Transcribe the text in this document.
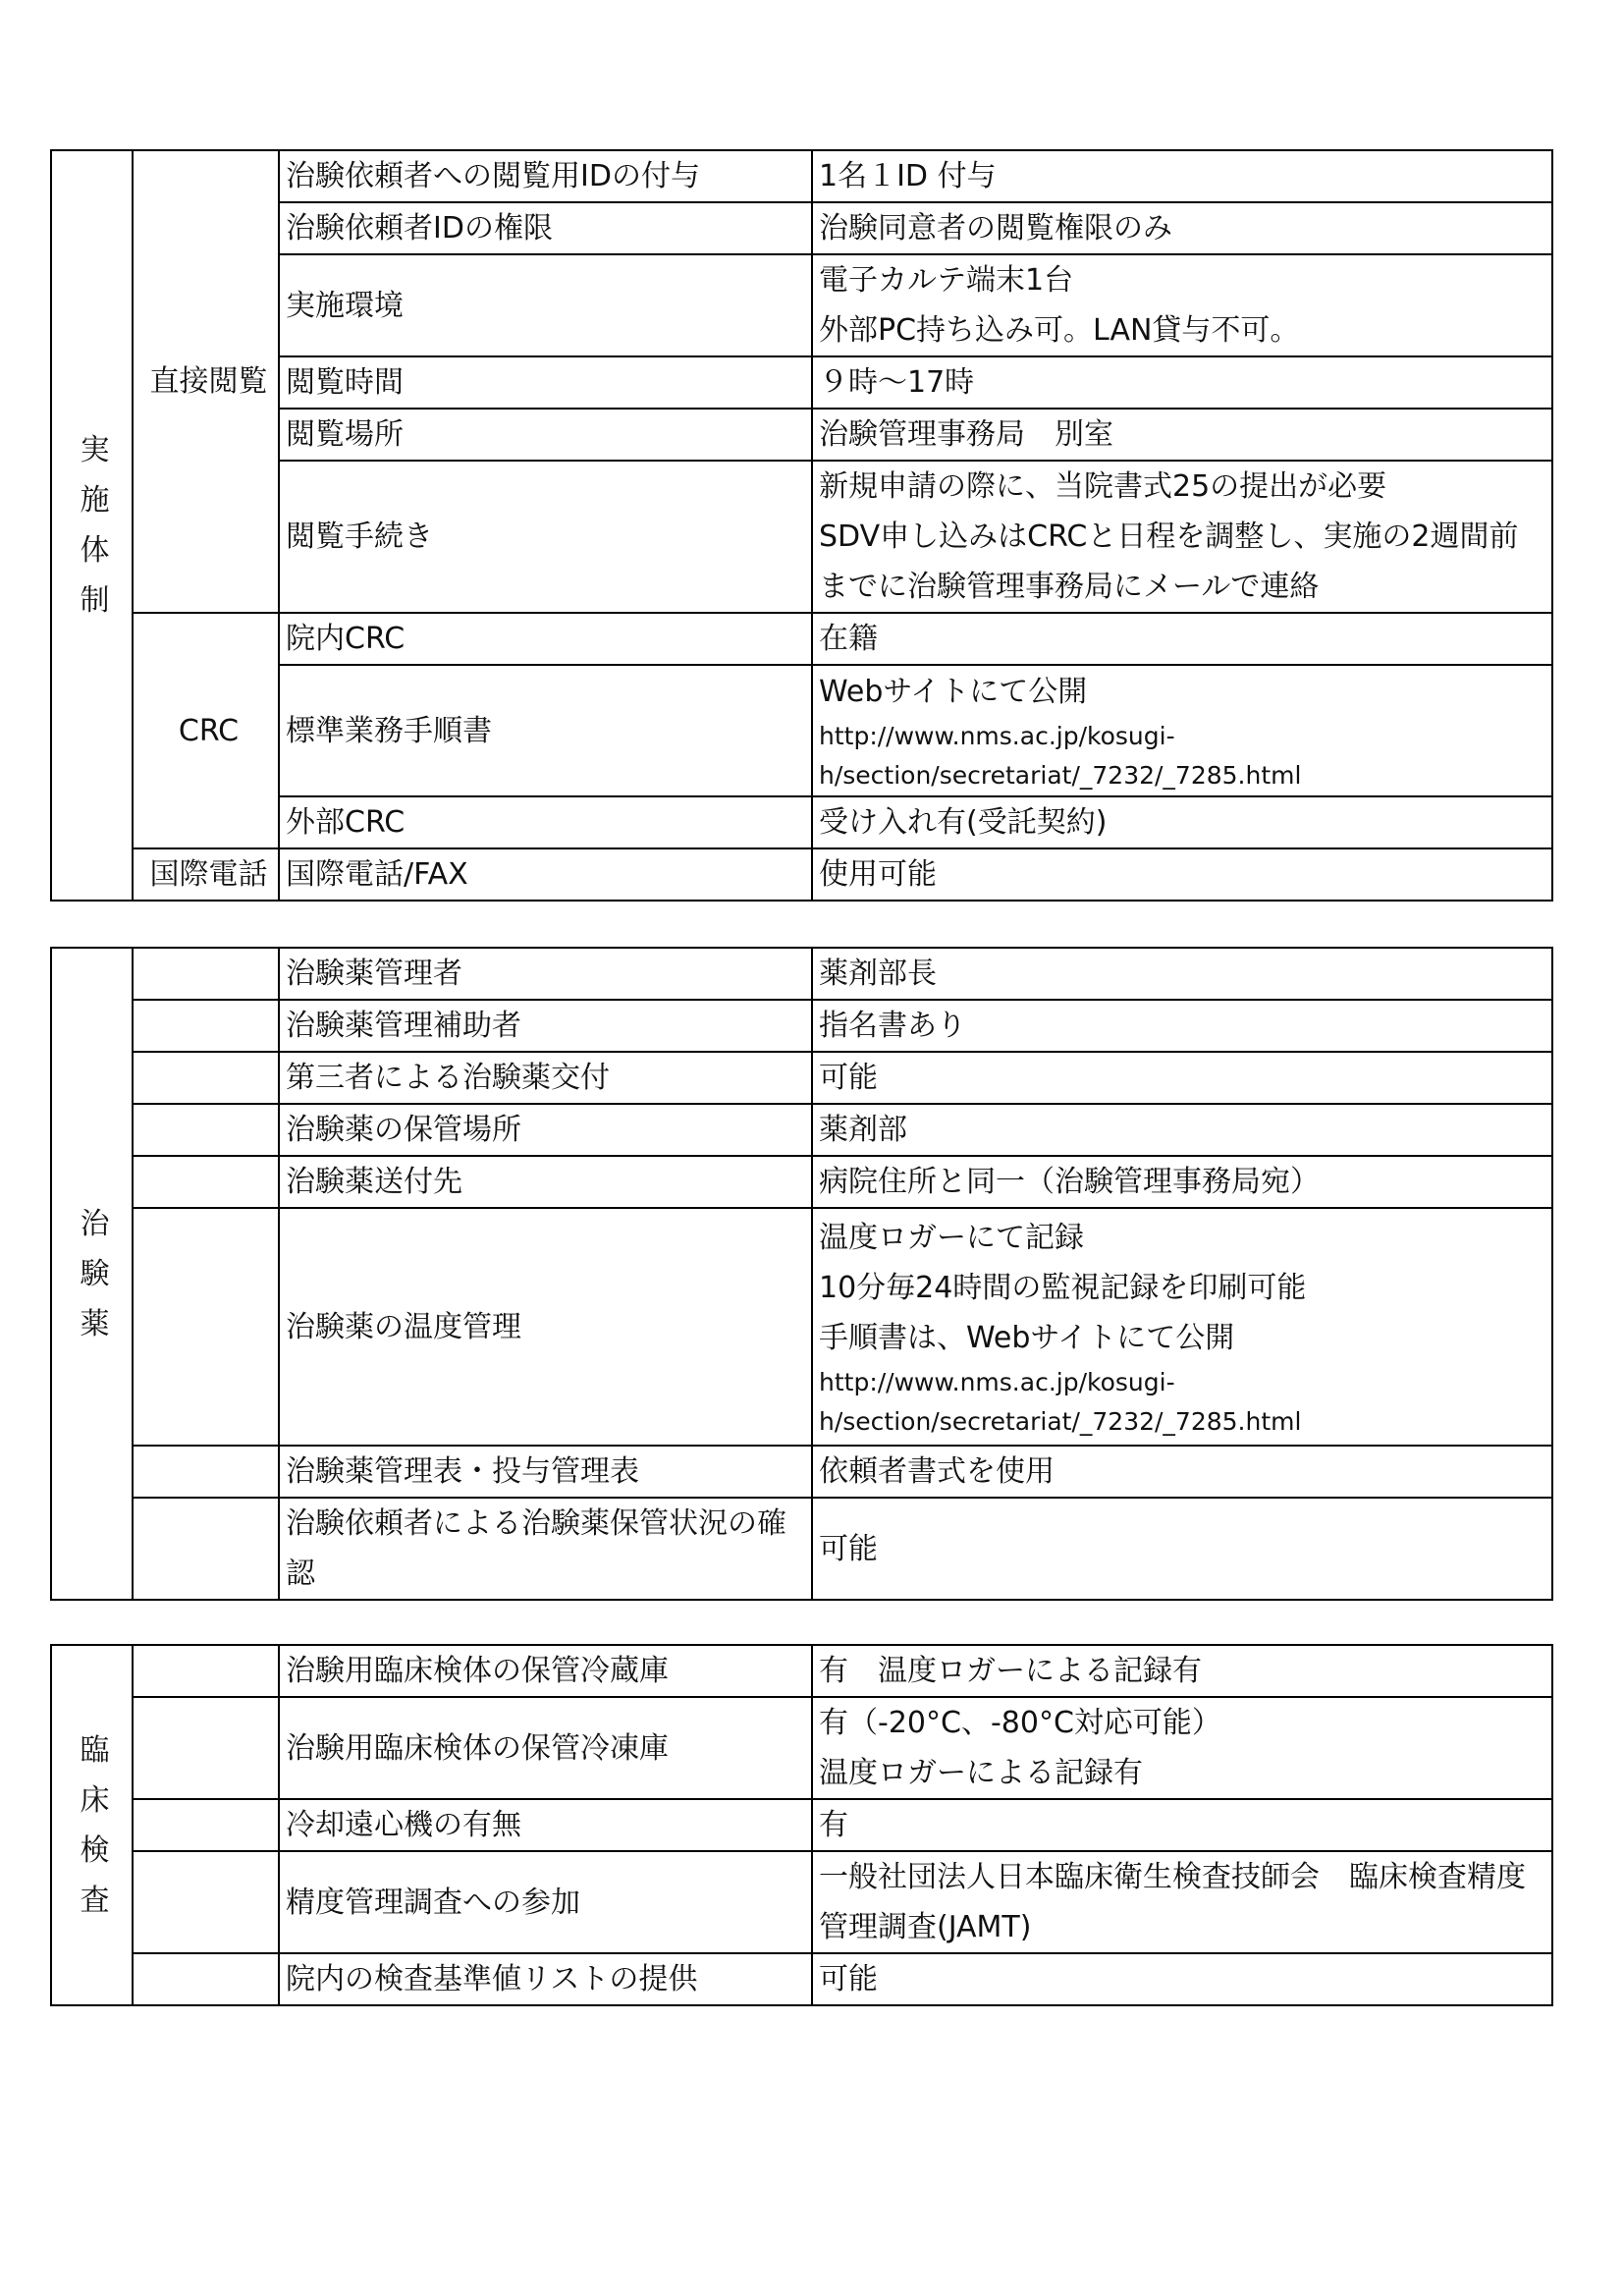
実
施
体
制	直接閲覧	治験依頼者への閲覧用IDの付与	1名１ID 付与
		治験依頼者IDの権限	治験同意者の閲覧権限のみ
		実施環境	電子カルテ端末1台
外部PC持ち込み可。LAN貸与不可。

		閲覧時間	９時～17時
		閲覧場所	治験管理事務局　別室
		閲覧手続き	新規申請の際に、当院書式25の提出が必要
SDV申し込みはCRCと日程を調整し、実施の2週間前
までに治験管理事務局にメールで連絡

	CRC	院内CRC	在籍
		標準業務手順書	Webサイトにて公開
http://www.nms.ac.jp/kosugi-
h/section/secretariat/_7232/_7285.html

		外部CRC	受け入れ有(受託契約)
	国際電話	国際電話/FAX	使用可能
治
験
薬		治験薬管理者	薬剤部長
		治験薬管理補助者	指名書あり
		第三者による治験薬交付	可能
		治験薬の保管場所	薬剤部
		治験薬送付先	病院住所と同一（治験管理事務局宛）
		治験薬の温度管理	温度ロガーにて記録
10分毎24時間の監視記録を印刷可能
手順書は、Webサイトにて公開
http://www.nms.ac.jp/kosugi-
h/section/secretariat/_7232/_7285.html

		治験薬管理表・投与管理表	依頼者書式を使用
		治験依頼者による治験薬保管状況の確認	可能
臨
床
検
査		治験用臨床検体の保管冷蔵庫	有　温度ロガーによる記録有
		治験用臨床検体の保管冷凍庫	有（-20°C、-80°C対応可能）
温度ロガーによる記録有

		冷却遠心機の有無	有
		精度管理調査への参加	一般社団法人日本臨床衛生検査技師会　臨床検査精度
管理調査(JAMT)

		院内の検査基準値リストの提供	可能
